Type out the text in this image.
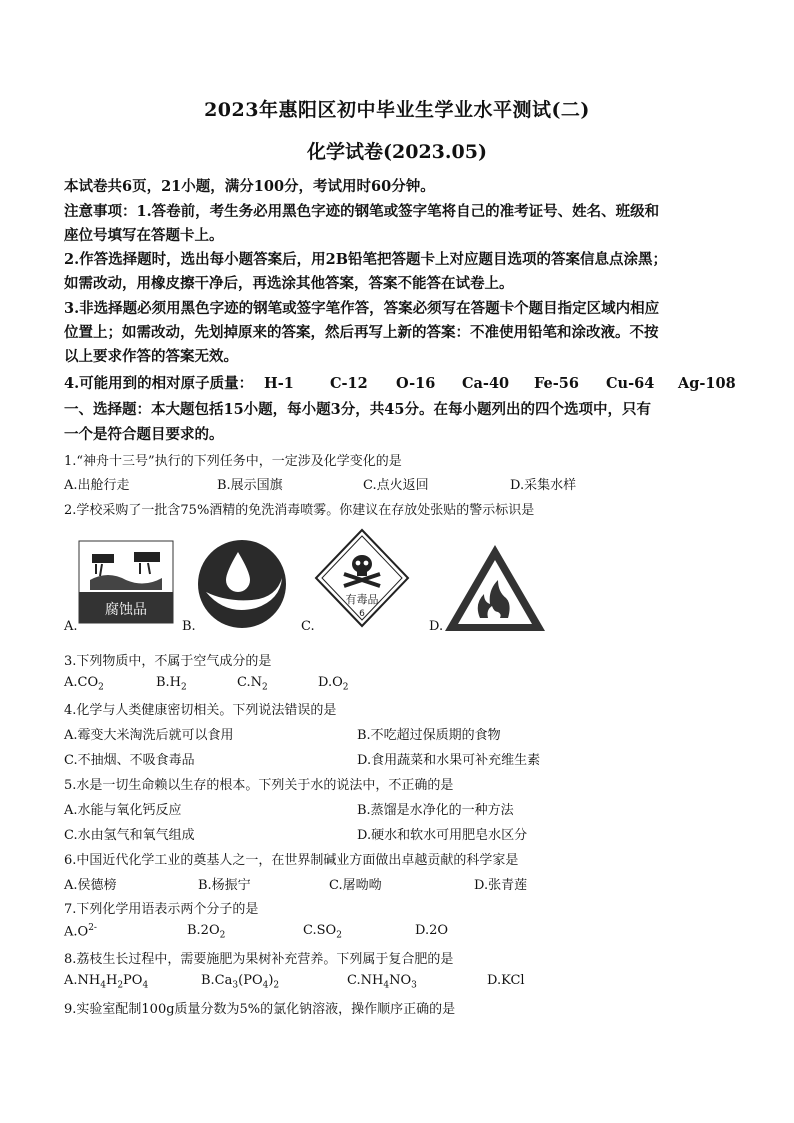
2023年惠阳区初中毕业生学业水平测试(二)
化学试卷(2023.05)
本试卷共6页，21小题，满分100分，考试用时60分钟。
注意事项：1.答卷前，考生务必用黑色字迹的钢笔或签字笔将自己的准考证号、姓名、班级和
座位号填写在答题卡上。
2.作答选择题时，选出每小题答案后，用2B铅笔把答题卡上对应题目选项的答案信息点涂黑；
如需改动，用橡皮擦干净后，再选涂其他答案，答案不能答在试卷上。
3.非选择题必须用黑色字迹的钢笔或签字笔作答，答案必须写在答题卡个题目指定区域内相应
位置上；如需改动，先划掉原来的答案，然后再写上新的答案：不准使用铅笔和涂改液。不按
以上要求作答的答案无效。
4.可能用到的相对原子质量： H-1 C-12 O-16 Ca-40 Fe-56 Cu-64 Ag-108
一、选择题：本大题包括15小题，每小题3分，共45分。在每小题列出的四个选项中，只有
一个是符合题目要求的。
1.“神舟十三号”执行的下列任务中，一定涉及化学变化的是
A.出舱行走	B.展示国旗	C.点火返回	D.采集水样
2.学校采购了一批含75%酒精的免洗消毒喷雾。你建议在存放处张贴的警示标识是
腐蚀品
A.	B.
有毒品
6
C.	D.
3.下列物质中，不属于空气成分的是
$A.CO_2$	$B.H_2$	$C.N_2$	$D.O_2$
4.化学与人类健康密切相关。下列说法错误的是
A.霉变大米淘洗后就可以食用	B.不吃超过保质期的食物
C.不抽烟、不吸食毒品	D.食用蔬菜和水果可补充维生素
5.水是一切生命赖以生存的根本。下列关于水的说法中，不正确的是
A.水能与氧化钙反应	B.蒸馏是水净化的一种方法
C.水由氢气和氧气组成	D.硬水和软水可用肥皂水区分
6.中国近代化学工业的奠基人之一，在世界制碱业方面做出卓越贡献的科学家是
A.侯德榜	B.杨振宁	C.屠呦呦	D.张青莲
7.下列化学用语表示两个分子的是
$A.O^{2-}$	$B.2O_2$	$C.SO_2$	D.2O
8.荔枝生长过程中，需要施肥为果树补充营养。下列属于复合肥的是
$A.NH_4H_2PO_4$	$B.Ca_3(PO_4)_2$	$C.NH_4NO_3$	D.KCl
9.实验室配制100g质量分数为5%的氯化钠溶液，操作顺序正确的是
